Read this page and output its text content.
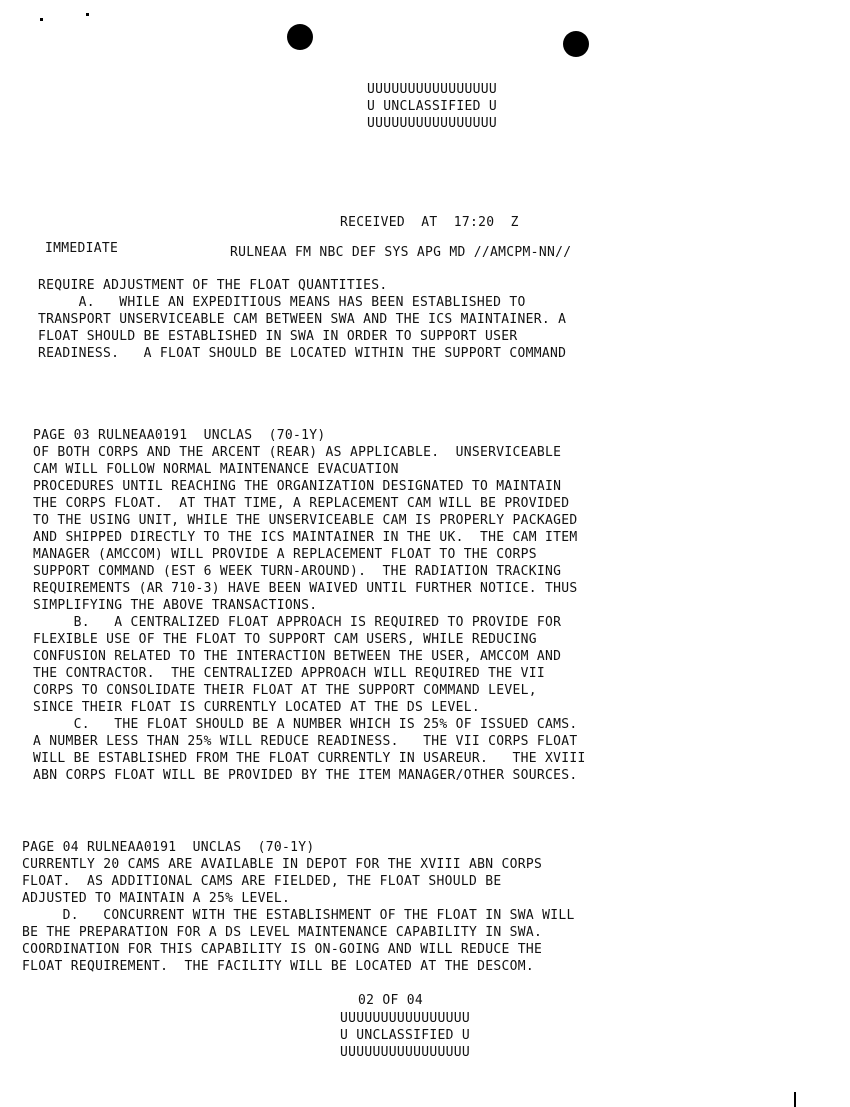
UUUUUUUUUUUUUUUU
U UNCLASSIFIED U
UUUUUUUUUUUUUUUU
RECEIVED  AT  17:20  Z
IMMEDIATE	RULNEAA FM NBC DEF SYS APG MD //AMCPM-NN//
REQUIRE ADJUSTMENT OF THE FLOAT QUANTITIES.
A.   WHILE AN EXPEDITIOUS MEANS HAS BEEN ESTABLISHED TO
TRANSPORT UNSERVICEABLE CAM BETWEEN SWA AND THE ICS MAINTAINER. A
FLOAT SHOULD BE ESTABLISHED IN SWA IN ORDER TO SUPPORT USER
READINESS.   A FLOAT SHOULD BE LOCATED WITHIN THE SUPPORT COMMAND
PAGE 03 RULNEAA0191  UNCLAS  (70-1Y)
OF BOTH CORPS AND THE ARCENT (REAR) AS APPLICABLE.  UNSERVICEABLE
CAM WILL FOLLOW NORMAL MAINTENANCE EVACUATION
PROCEDURES UNTIL REACHING THE ORGANIZATION DESIGNATED TO MAINTAIN
THE CORPS FLOAT.  AT THAT TIME, A REPLACEMENT CAM WILL BE PROVIDED
TO THE USING UNIT, WHILE THE UNSERVICEABLE CAM IS PROPERLY PACKAGED
AND SHIPPED DIRECTLY TO THE ICS MAINTAINER IN THE UK.  THE CAM ITEM
MANAGER (AMCCOM) WILL PROVIDE A REPLACEMENT FLOAT TO THE CORPS
SUPPORT COMMAND (EST 6 WEEK TURN-AROUND).  THE RADIATION TRACKING
REQUIREMENTS (AR 710-3) HAVE BEEN WAIVED UNTIL FURTHER NOTICE. THUS
SIMPLIFYING THE ABOVE TRANSACTIONS.
B.   A CENTRALIZED FLOAT APPROACH IS REQUIRED TO PROVIDE FOR
FLEXIBLE USE OF THE FLOAT TO SUPPORT CAM USERS, WHILE REDUCING
CONFUSION RELATED TO THE INTERACTION BETWEEN THE USER, AMCCOM AND
THE CONTRACTOR.  THE CENTRALIZED APPROACH WILL REQUIRED THE VII
CORPS TO CONSOLIDATE THEIR FLOAT AT THE SUPPORT COMMAND LEVEL,
SINCE THEIR FLOAT IS CURRENTLY LOCATED AT THE DS LEVEL.
C.   THE FLOAT SHOULD BE A NUMBER WHICH IS 25% OF ISSUED CAMS.
A NUMBER LESS THAN 25% WILL REDUCE READINESS.   THE VII CORPS FLOAT
WILL BE ESTABLISHED FROM THE FLOAT CURRENTLY IN USAREUR.   THE XVIII
ABN CORPS FLOAT WILL BE PROVIDED BY THE ITEM MANAGER/OTHER SOURCES.
PAGE 04 RULNEAA0191  UNCLAS  (70-1Y)
CURRENTLY 20 CAMS ARE AVAILABLE IN DEPOT FOR THE XVIII ABN CORPS
FLOAT.  AS ADDITIONAL CAMS ARE FIELDED, THE FLOAT SHOULD BE
ADJUSTED TO MAINTAIN A 25% LEVEL.
D.   CONCURRENT WITH THE ESTABLISHMENT OF THE FLOAT IN SWA WILL
BE THE PREPARATION FOR A DS LEVEL MAINTENANCE CAPABILITY IN SWA.
COORDINATION FOR THIS CAPABILITY IS ON-GOING AND WILL REDUCE THE
FLOAT REQUIREMENT.  THE FACILITY WILL BE LOCATED AT THE DESCOM.
02 OF 04
UUUUUUUUUUUUUUUU
U UNCLASSIFIED U
UUUUUUUUUUUUUUUU
